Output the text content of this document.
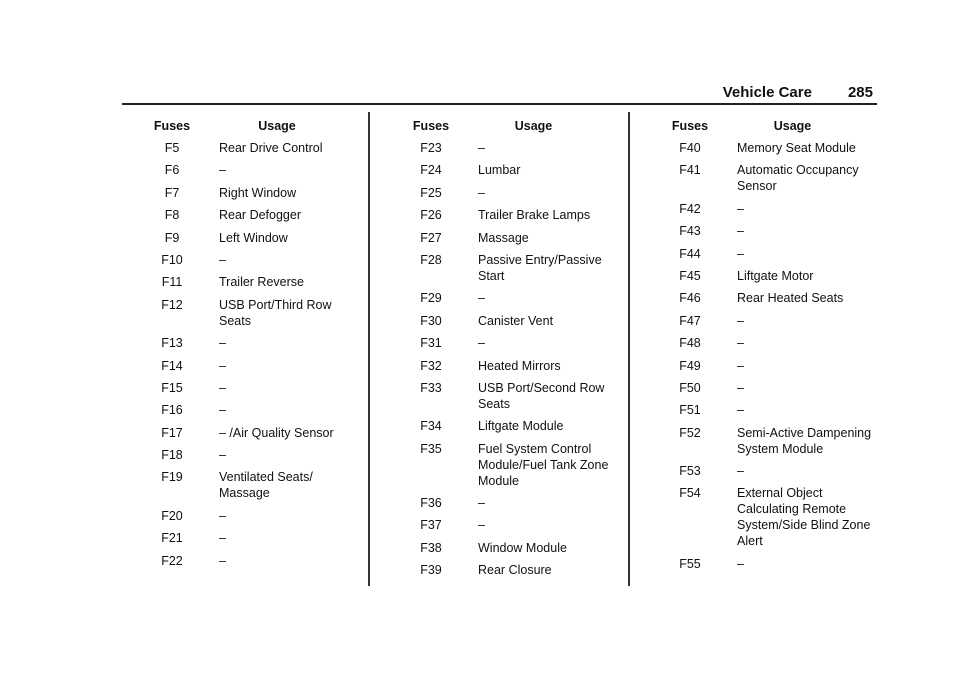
Vehicle Care 285
Fuses	Usage
F5	Rear Drive Control
F6	–
F7	Right Window
F8	Rear Defogger
F9	Left Window
F10	–
F11	Trailer Reverse
F12	USB Port/Third Row Seats
F13	–
F14	–
F15	–
F16	–
F17	– /Air Quality Sensor
F18	–
F19	Ventilated Seats/ Massage
F20	–
F21	–
F22	–
Fuses	Usage
F23	–
F24	Lumbar
F25	–
F26	Trailer Brake Lamps
F27	Massage
F28	Passive Entry/Passive Start
F29	–
F30	Canister Vent
F31	–
F32	Heated Mirrors
F33	USB Port/Second Row Seats
F34	Liftgate Module
F35	Fuel System Control Module/Fuel Tank Zone Module
F36	–
F37	–
F38	Window Module
F39	Rear Closure
Fuses	Usage
F40	Memory Seat Module
F41	Automatic Occupancy Sensor
F42	–
F43	–
F44	–
F45	Liftgate Motor
F46	Rear Heated Seats
F47	–
F48	–
F49	–
F50	–
F51	–
F52	Semi-Active Dampening System Module
F53	–
F54	External Object Calculating Remote System/Side Blind Zone Alert
F55	–
